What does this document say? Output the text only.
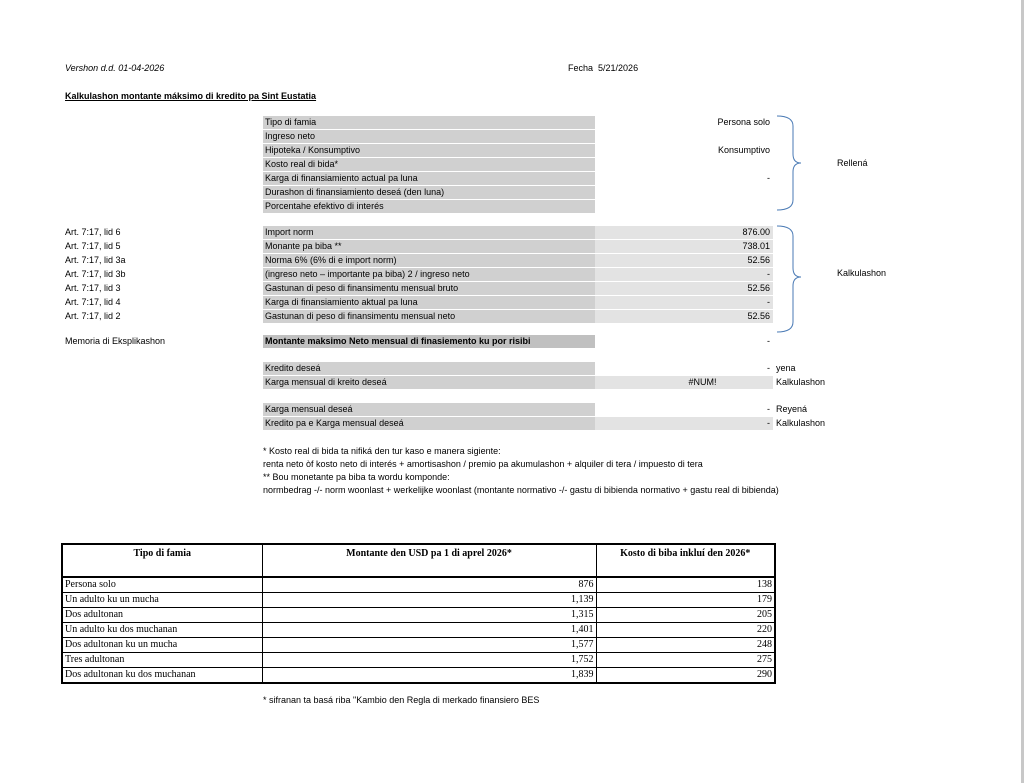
Vershon d.d. 01-04-2026	Fecha 5/21/2026
Kalkulashon montante máksimo di kredito pa Sint Eustatia
Tipo di famia	Persona solo
Ingreso neto
Hipoteka / Konsumptivo	Konsumptivo
Kosto real di bida*
Karga di finansiamiento actual pa luna	-
Durashon di finansiamiento deseá (den luna)
Porcentahe efektivo di interés
Rellená
Art. 7:17, lid 6	Import norm	876.00
Art. 7:17, lid 5	Monante pa biba **	738.01
Art. 7:17, lid 3a	Norma 6% (6% di e import norm)	52.56
Art. 7:17, lid 3b	(ingreso neto – importante pa biba) 2 / ingreso neto	-
Art. 7:17, lid 3	Gastunan di peso di finansimentu mensual bruto	52.56
Art. 7:17, lid 4	Karga di finansiamiento aktual pa luna	-
Art. 7:17, lid 2	Gastunan di peso di finansimentu mensual neto	52.56
Kalkulashon
Memoria di Eksplikashon	Montante maksimo Neto mensual di finasiemento ku por risibi	-
Kredito deseá	- yena
Karga mensual di kreito deseá	#NUM!	Kalkulashon
Karga mensual deseá	- Reyená
Kredito pa e Karga mensual deseá	- Kalkulashon
* Kosto real di bida ta nifiká den tur kaso e manera sigiente:
renta neto òf kosto neto di interés + amortisashon / premio pa akumulashon + alquiler di tera / impuesto di tera
** Bou monetante pa biba ta wordu komponde:
normbedrag -/- norm woonlast + werkelijke woonlast (montante normativo -/- gastu di bibienda normativo + gastu real di bibienda)
Tipo di famia	Montante den USD pa 1 di aprel 2026*	Kosto di biba inkluí den 2026*
Persona solo	876	138
Un adulto ku un mucha	1,139	179
Dos adultonan	1,315	205
Un adulto ku dos muchanan	1,401	220
Dos adultonan ku un mucha	1,577	248
Tres adultonan	1,752	275
Dos adultonan ku dos muchanan	1,839	290
* sifranan ta basá riba "Kambio den Regla di merkado finansiero BES
